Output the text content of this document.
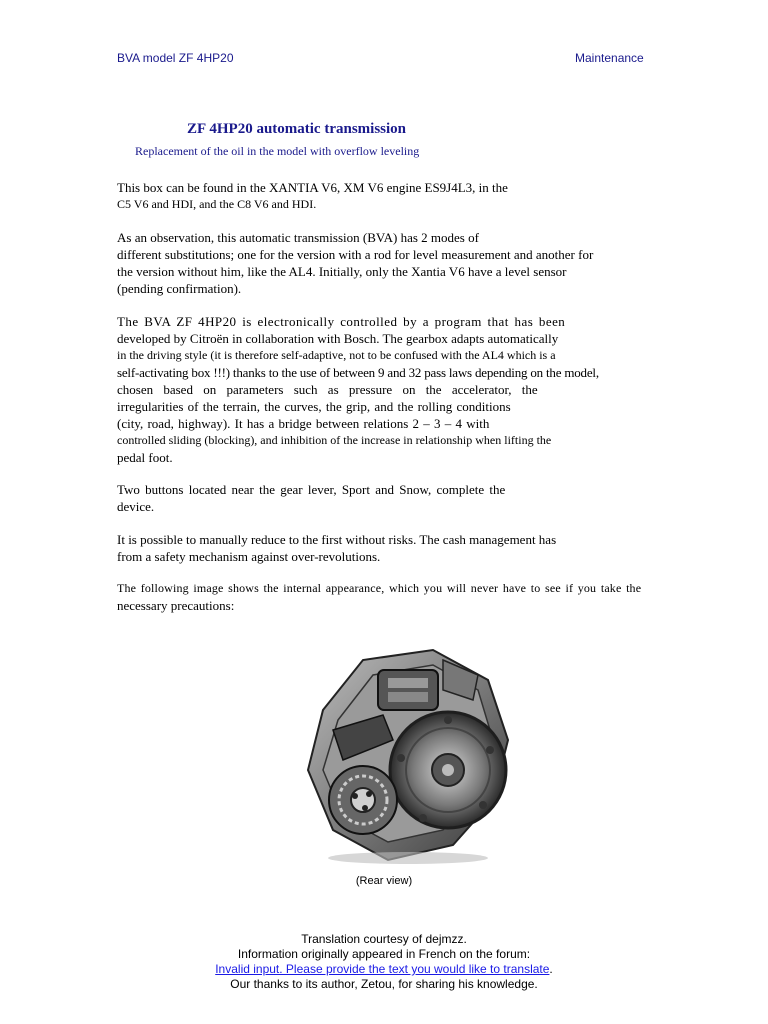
BVA model ZF 4HP20	Maintenance
ZF 4HP20 automatic transmission
Replacement of the oil in the model with overflow leveling
This box can be found in the XANTIA V6, XM V6 engine ES9J4L3, in the
C5 V6 and HDI, and the C8 V6 and HDI.
As an observation, this automatic transmission (BVA) has 2 modes of
different substitutions; one for the version with a rod for level measurement and another for
the version without him, like the AL4. Initially, only the Xantia V6 have a level sensor
(pending confirmation).
The BVA ZF 4HP20 is electronically controlled by a program that has been
developed by Citroën in collaboration with Bosch. The gearbox adapts automatically
in the driving style (it is therefore self-adaptive, not to be confused with the AL4 which is a
self-activating box !!!) thanks to the use of between 9 and 32 pass laws depending on the model,
chosen based on parameters such as pressure on the accelerator, the
irregularities of the terrain, the curves, the grip, and the rolling conditions
(city, road, highway). It has a bridge between relations 2 – 3 – 4 with
controlled sliding (blocking), and inhibition of the increase in relationship when lifting the
pedal foot.
Two buttons located near the gear lever, Sport and Snow, complete the
device.
It is possible to manually reduce to the first without risks. The cash management has
from a safety mechanism against over-revolutions.
The following image shows the internal appearance, which you will never have to see if you take the
necessary precautions:
(Rear view)
Translation courtesy of dejmzz.
Information originally appeared in French on the forum:
Invalid input. Please provide the text you would like to translate.
Our thanks to its author, Zetou, for sharing his knowledge.
